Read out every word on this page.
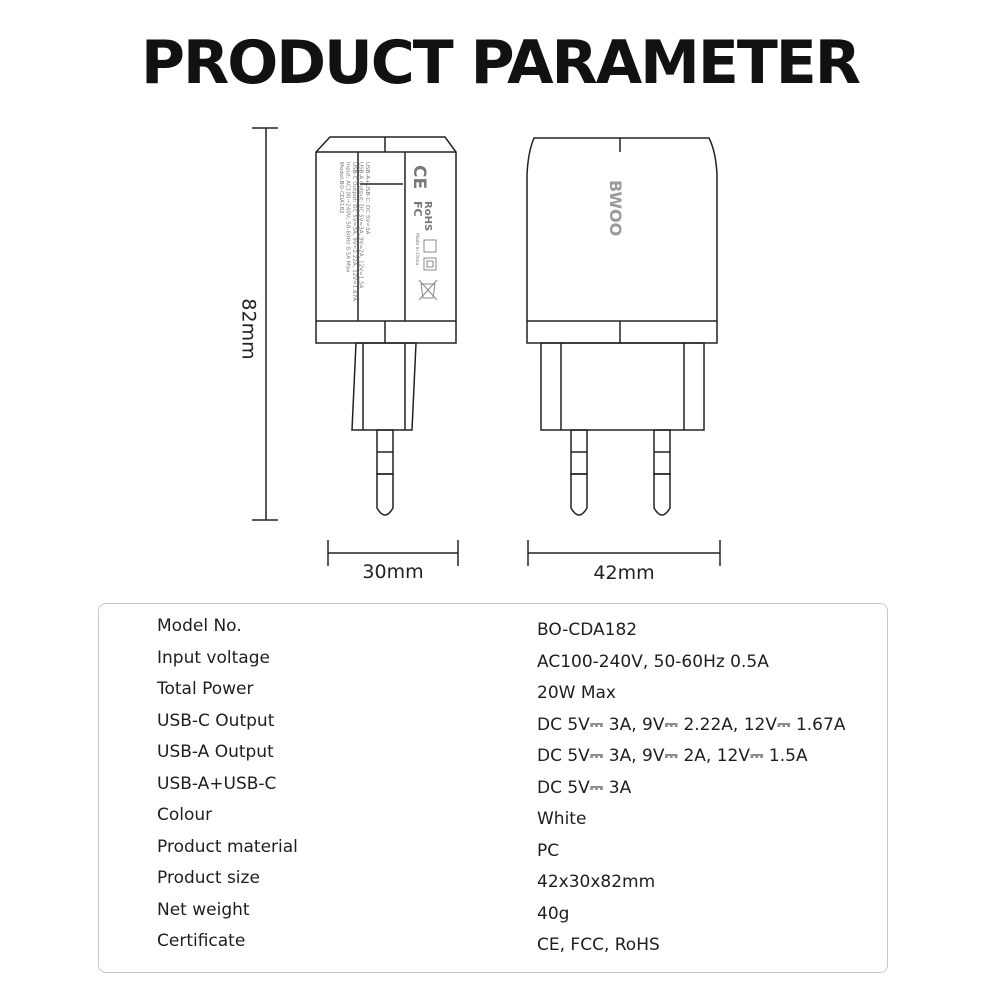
PRODUCT PARAMETER
Model:BO-CDA182 Input: AC100~240V, 50-60Hz 0.5A Max USB-C Output: DC 5V=3A, 9V=2.22A, 12V=1.67A USB-A Output: DC 5V=3A, 9V=2A, 12V=1.5A USB-A+USB-C: DC 5V=3A CE
FC
RoHS
Made in China
BWOO
82mm
30mm	42mm
Model No.	BO-CDA182
Input voltage	AC100-240V, 50-60Hz 0.5A
Total Power	20W Max
USB-C Output	DC 5V⎓ 3A, 9V⎓ 2.22A, 12V⎓ 1.67A
USB-A Output	DC 5V⎓ 3A, 9V⎓ 2A, 12V⎓ 1.5A
USB-A+USB-C	DC 5V⎓ 3A
Colour	White
Product material	PC
Product size	42x30x82mm
Net weight	40g
Certificate	CE, FCC, RoHS
